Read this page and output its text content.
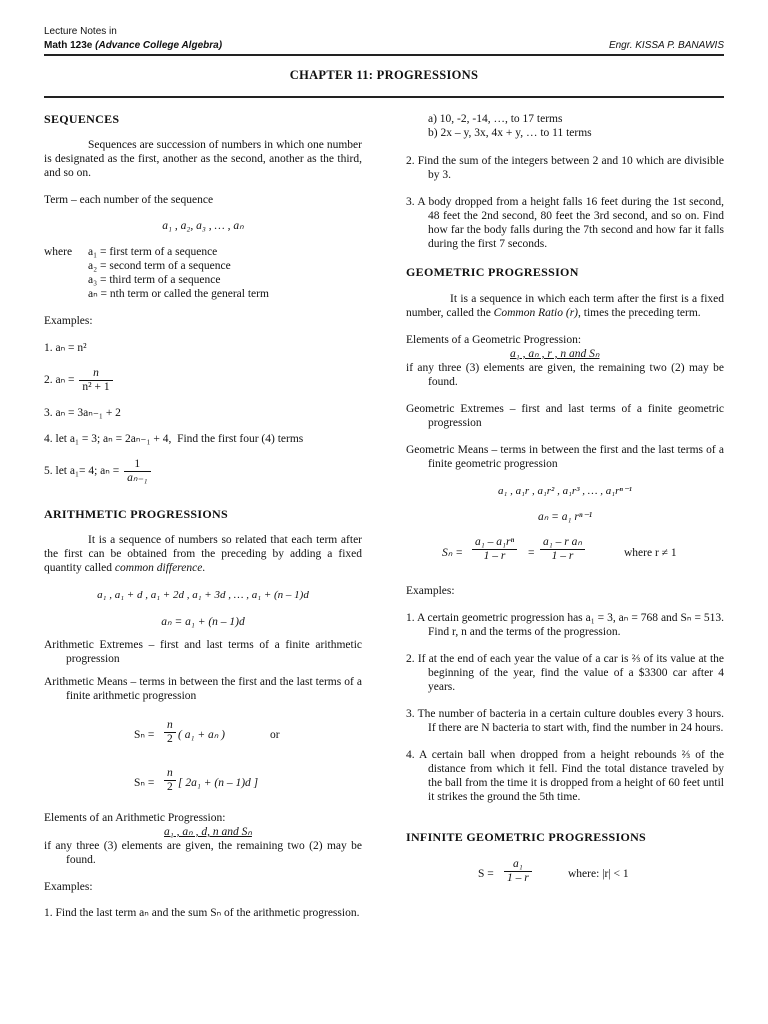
Lecture Notes in
Math 123e (Advance College Algebra)	Engr. KISSA P. BANAWIS
CHAPTER 11: PROGRESSIONS

SEQUENCES

Sequences are succession of numbers in which one number is designated as the first, another as the second, another as the third, and so on.

Term – each number of the sequence

a₁ , a₂, a₃ , … , aₙ

where a₁ = first term of a sequence

a₂ = second term of a sequence

a₃ = third term of a sequence

aₙ = nth term or called the general term

Examples:

1. aₙ = n²

2. $a_n = \frac{n}{\text{n² + 1}}$

3. aₙ = 3aₙ₋₁ + 2

4. let a₁ = 3; aₙ = 2aₙ₋₁ + 4, Find the first four (4) terms

5. let a₁= 4; $a_n = \frac{1}{\text{aₙ₋₁}}$

ARITHMETIC PROGRESSIONS

It is a sequence of numbers so related that each term after the first can be obtained from the preceding by adding a fixed quantity called common difference.

a₁ , a₁ + d , a₁ + 2d , a₁ + 3d , … , a₁ + (n – 1)d

aₙ = a₁ + (n – 1)d

Arithmetic Extremes – first and last terms of a finite arithmetic progression

Arithmetic Means – terms in between the first and the last terms of a finite arithmetic progression

$S_n = \frac{n}{2}$ ( a₁ + aₙ )	or
$S_n = \frac{n}{2}$ [ 2a₁ + (n – 1)d ]

Elements of an Arithmetic Progression:

a₁ , aₙ , d, n and Sₙ

if any three (3) elements are given, the remaining two (2) may be found.

Examples:

1. Find the last term aₙ and the sum Sₙ of the arithmetic progression.

a) 10, -2, -14, …, to 17 terms

b) 2x – y, 3x, 4x + y, … to 11 terms

2. Find the sum of the integers between 2 and 10 which are divisible by 3.

3. A body dropped from a height falls 16 feet during the 1st second, 48 feet the 2nd second, 80 feet the 3rd second, and so on. Find how far the body falls during the 7th second and how far it falls during the first 7 seconds.

GEOMETRIC PROGRESSION

It is a sequence in which each term after the first is a fixed number, called the Common Ratio (r), times the preceding term.

Elements of a Geometric Progression:

a₁ , aₙ , r , n and Sₙ

if any three (3) elements are given, the remaining two (2) may be found.

Geometric Extremes – first and last terms of a finite geometric progression

Geometric Means – terms in between the first and the last terms of a finite geometric progression

a₁ , a₁r , a₁r² , a₁r³ , … , a₁rⁿ⁻¹

aₙ = a₁ rⁿ⁻¹

$S_n = \frac{\text{a₁ – a₁rⁿ}}{1 - r} = \frac{\text{a₁ – r aₙ}}{1 - r}$	where r ≠ 1

Examples:

1. A certain geometric progression has a₁ = 3, aₙ = 768 and Sₙ = 513. Find r, n and the terms of the progression.

2. If at the end of each year the value of a car is ⅔ of its value at the beginning of the year, find the value of a $3300 car after 4 years.

3. The number of bacteria in a certain culture doubles every 3 hours. If there are N bacteria to start with, find the number in 24 hours.

4. A certain ball when dropped from a height rebounds ⅔ of the distance from which it fell. Find the total distance traveled by the ball from the time it is dropped from a height of 60 feet until it strikes the ground the 5th time.

INFINITE GEOMETRIC PROGRESSIONS

$S = \frac{\text{a₁}}{1 - r}$	where: |r| < 1
